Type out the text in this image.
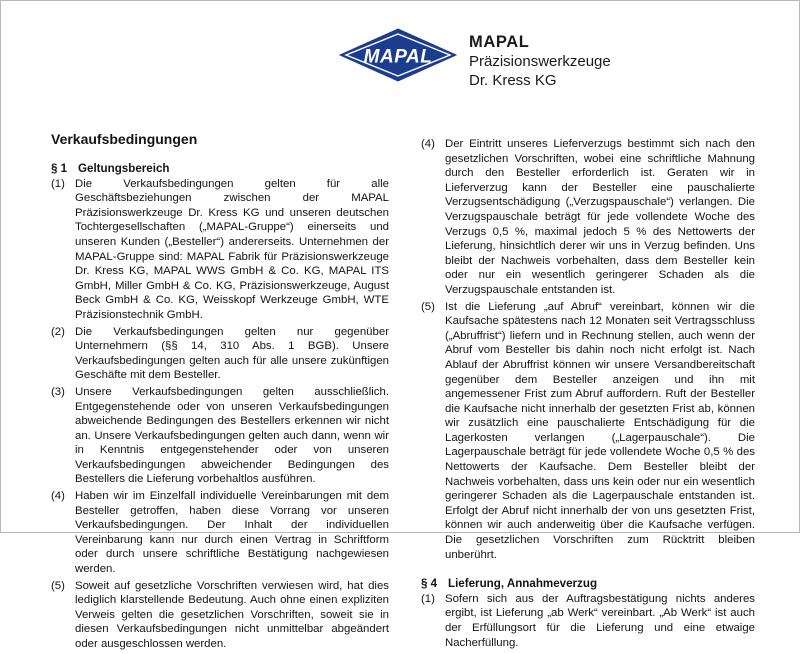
MAPAL
MAPAL
Präzisionswerkzeuge
Dr. Kress KG
Verkaufsbedingungen
§ 1 Geltungsbereich
(1) Die Verkaufsbedingungen gelten für alle Geschäftsbeziehungen zwischen der MAPAL Präzisionswerkzeuge Dr. Kress KG und unseren deutschen Tochtergesellschaften („MAPAL-Gruppe“) einerseits und unseren Kunden („Besteller“) andererseits. Unternehmen der MAPAL-Gruppe sind: MAPAL Fabrik für Präzisionswerkzeuge Dr. Kress KG, MAPAL WWS GmbH & Co. KG, MAPAL ITS GmbH, Miller GmbH & Co. KG, Präzisionswerkzeuge, August Beck GmbH & Co. KG, Weisskopf Werkzeuge GmbH, WTE Präzisionstechnik GmbH.
(2) Die Verkaufsbedingungen gelten nur gegenüber Unternehmern (§§ 14, 310 Abs. 1 BGB). Unsere Verkaufsbedingungen gelten auch für alle unsere zukünftigen Geschäfte mit dem Besteller.
(3) Unsere Verkaufsbedingungen gelten ausschließlich. Entgegenstehende oder von unseren Verkaufsbedingungen abweichende Bedingungen des Bestellers erkennen wir nicht an. Unsere Verkaufsbedingungen gelten auch dann, wenn wir in Kenntnis entgegenstehender oder von unseren Verkaufsbedingungen abweichender Bedingungen des Bestellers die Lieferung vorbehaltlos ausführen.
(4) Haben wir im Einzelfall individuelle Vereinbarungen mit dem Besteller getroffen, haben diese Vorrang vor unseren Verkaufsbedingungen. Der Inhalt der individuellen Vereinbarung kann nur durch einen Vertrag in Schriftform oder durch unsere schriftliche Bestätigung nachgewiesen werden.
(5) Soweit auf gesetzliche Vorschriften verwiesen wird, hat dies lediglich klarstellende Bedeutung. Auch ohne einen expliziten Verweis gelten die gesetzlichen Vorschriften, soweit sie in diesen Verkaufsbedingungen nicht unmittelbar abgeändert oder ausgeschlossen werden.
(4) Der Eintritt unseres Lieferverzugs bestimmt sich nach den gesetzlichen Vorschriften, wobei eine schriftliche Mahnung durch den Besteller erforderlich ist. Geraten wir in Lieferverzug kann der Besteller eine pauschalierte Verzugsentschädigung („Verzugspauschale“) verlangen. Die Verzugspauschale beträgt für jede vollendete Woche des Verzugs 0,5 %, maximal jedoch 5 % des Nettowerts der Lieferung, hinsichtlich derer wir uns in Verzug befinden. Uns bleibt der Nachweis vorbehalten, dass dem Besteller kein oder nur ein wesentlich geringerer Schaden als die Verzugspauschale entstanden ist.
(5) Ist die Lieferung „auf Abruf“ vereinbart, können wir die Kaufsache spätestens nach 12 Monaten seit Vertragsschluss („Abruffrist“) liefern und in Rechnung stellen, auch wenn der Abruf vom Besteller bis dahin noch nicht erfolgt ist. Nach Ablauf der Abruffrist können wir unsere Versandbereitschaft gegenüber dem Besteller anzeigen und ihn mit angemessener Frist zum Abruf auffordern. Ruft der Besteller die Kaufsache nicht innerhalb der gesetzten Frist ab, können wir zusätzlich eine pauschalierte Entschädigung für die Lagerkosten verlangen („Lagerpauschale“). Die Lagerpauschale beträgt für jede vollendete Woche 0,5 % des Nettowerts der Kaufsache. Dem Besteller bleibt der Nachweis vorbehalten, dass uns kein oder nur ein wesentlich geringerer Schaden als die Lagerpauschale entstanden ist. Erfolgt der Abruf nicht innerhalb der von uns gesetzten Frist, können wir auch anderweitig über die Kaufsache verfügen. Die gesetzlichen Vorschriften zum Rücktritt bleiben unberührt.
§ 4 Lieferung, Annahmeverzug
(1) Sofern sich aus der Auftragsbestätigung nichts anderes ergibt, ist Lieferung „ab Werk“ vereinbart. „Ab Werk“ ist auch der Erfüllungsort für die Lieferung und eine etwaige Nacherfüllung.
